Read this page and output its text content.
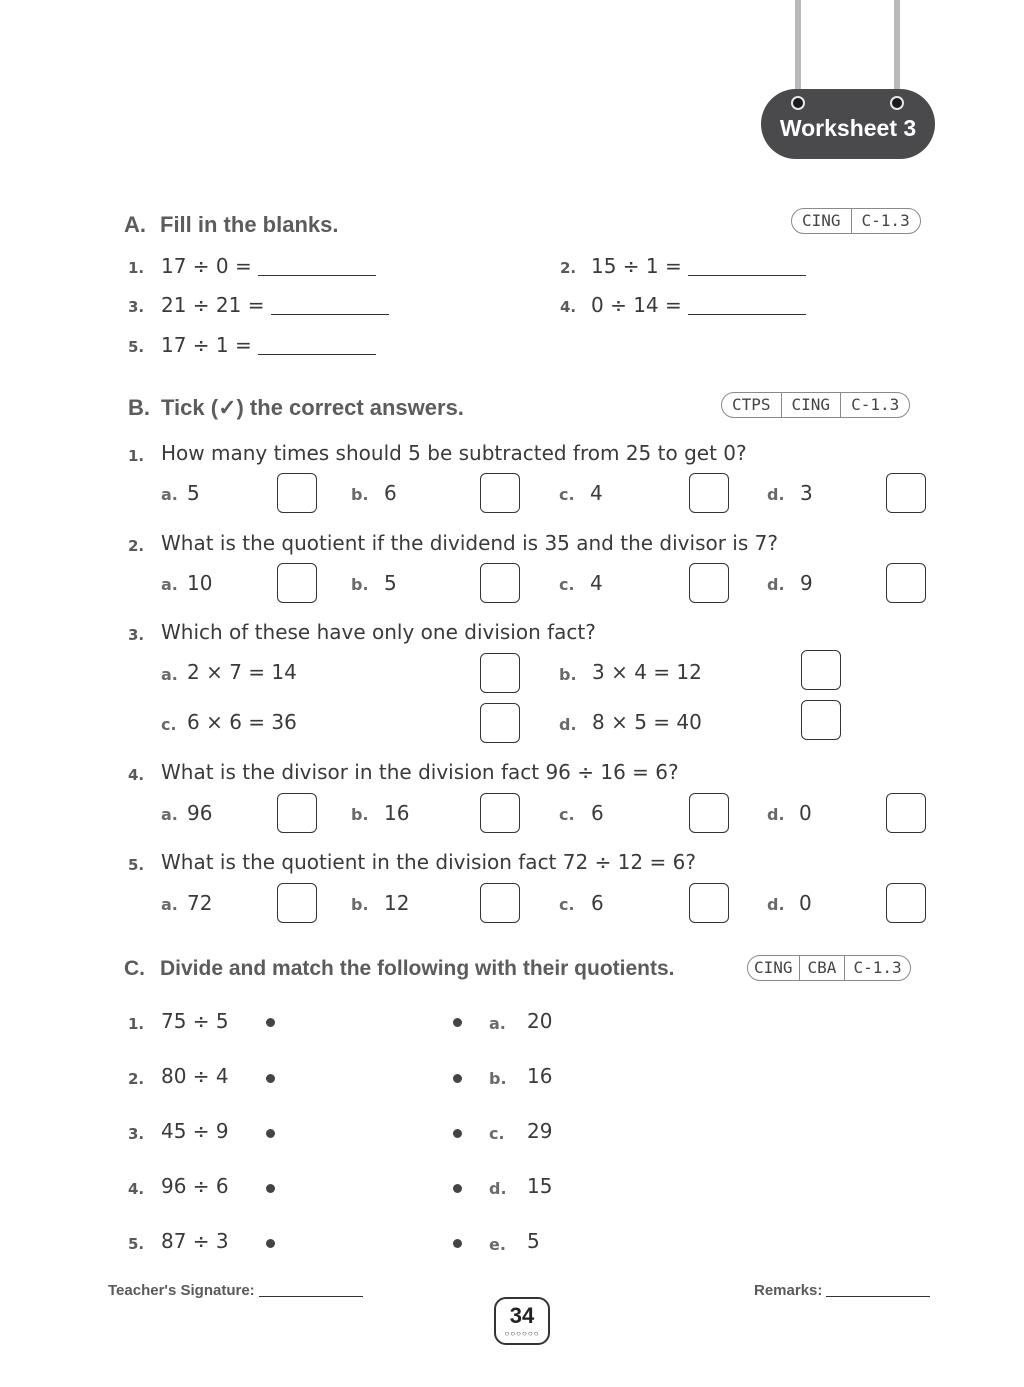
Worksheet 3
A. Fill in the blanks.	CING	C-1.3
1. 17 ÷ 0 =	2. 15 ÷ 1 =
3. 21 ÷ 21 =	4. 0 ÷ 14 =
5. 17 ÷ 1 =
B. Tick (✓) the correct answers.	CTPS	CING	C-1.3
1. How many times should 5 be subtracted from 25 to get 0?
a. 5	b. 6	c. 4	d. 3
2. What is the quotient if the dividend is 35 and the divisor is 7?
a. 10	b. 5	c. 4	d. 9
3. Which of these have only one division fact?
a. 2 × 7 = 14	b. 3 × 4 = 12
c. 6 × 6 = 36	d. 8 × 5 = 40
4. What is the divisor in the division fact 96 ÷ 16 = 6?
a. 96	b. 16	c. 6	d. 0
5. What is the quotient in the division fact 72 ÷ 12 = 6?
a. 72	b. 12	c. 6	d. 0
C. Divide and match the following with their quotients.	CING CBA	C-1.3
1. 75 ÷ 5	a. 20
2. 80 ÷ 4	b. 16
3. 45 ÷ 9	c. 29
4. 96 ÷ 6	d. 15
5. 87 ÷ 3	e. 5
Teacher's Signature:	Remarks:
34
○○○○○○
